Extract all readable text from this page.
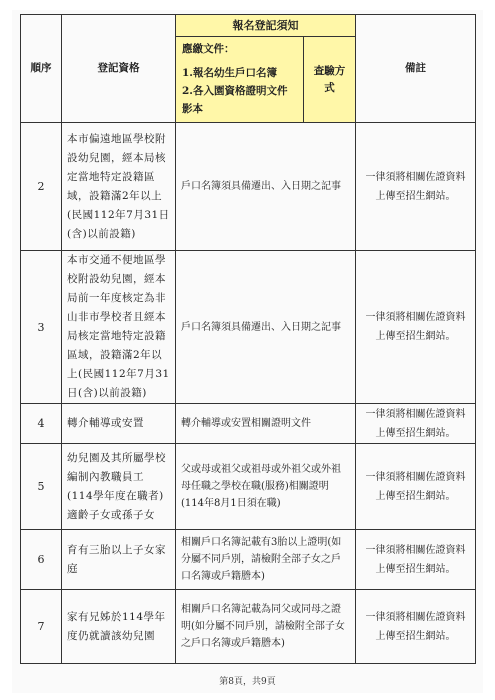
順序	登記資格	報名登記須知		備註

		應繳文件：
1.報名幼生戶口名簿
2.各入園資格證明文件影本	查驗方式	
2	本市偏遠地區學校附設幼兒園，經本局核定當地特定設籍區域，設籍滿2年以上(民國112年7月31日(含)以前設籍)	戶口名簿須具備遷出、入日期之記事		一律須將相關佐證資料上傳至招生網站。
3	本市交通不便地區學校附設幼兒園，經本局前一年度核定為非山非市學校者且經本局核定當地特定設籍區域，設籍滿2年以上(民國112年7月31日(含)以前設籍)	戶口名簿須具備遷出、入日期之記事		一律須將相關佐證資料上傳至招生網站。
4	轉介輔導或安置	轉介輔導或安置相關證明文件		一律須將相關佐證資料上傳至招生網站。
5	幼兒園及其所屬學校編制內教職員工(114學年度在職者)適齡子女或孫子女	父或母或祖父或祖母或外祖父或外祖母任職之學校在職(服務)相關證明(114年8月1日須在職)		一律須將相關佐證資料上傳至招生網站。
6	育有三胎以上子女家庭	相關戶口名簿記載有3胎以上證明(如分屬不同戶別，請檢附全部子女之戶口名簿或戶籍謄本)		一律須將相關佐證資料上傳至招生網站。
7	家有兄姊於114學年度仍就讀該幼兒園	相關戶口名簿記載為同父或同母之證明(如分屬不同戶別，請檢附全部子女之戶口名簿或戶籍謄本)		一律須將相關佐證資料上傳至招生網站。
第8頁，共9頁
